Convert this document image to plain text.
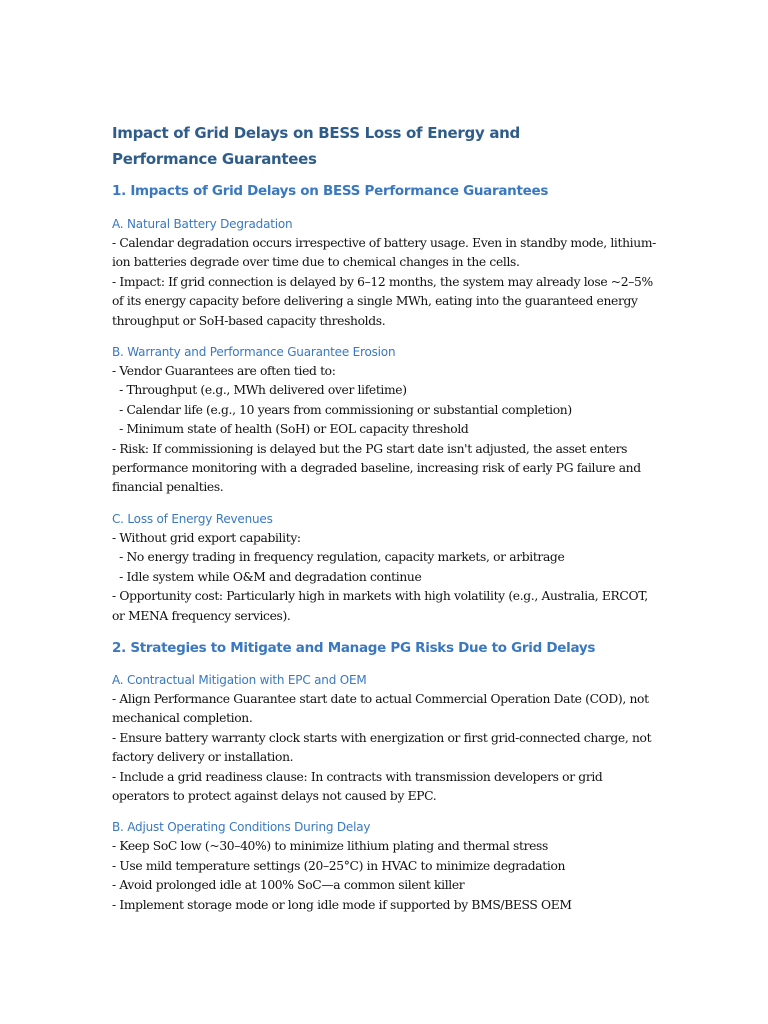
Impact of Grid Delays on BESS Loss of Energy and Performance Guarantees
1. Impacts of Grid Delays on BESS Performance Guarantees
A. Natural Battery Degradation

- Calendar degradation occurs irrespective of battery usage. Even in standby mode, lithium-ion batteries degrade over time due to chemical changes in the cells.

- Impact: If grid connection is delayed by 6–12 months, the system may already lose ~2–5% of its energy capacity before delivering a single MWh, eating into the guaranteed energy throughput or SoH-based capacity thresholds.

B. Warranty and Performance Guarantee Erosion

- Vendor Guarantees are often tied to:

- Throughput (e.g., MWh delivered over lifetime)

- Calendar life (e.g., 10 years from commissioning or substantial completion)

- Minimum state of health (SoH) or EOL capacity threshold

- Risk: If commissioning is delayed but the PG start date isn't adjusted, the asset enters performance monitoring with a degraded baseline, increasing risk of early PG failure and financial penalties.

C. Loss of Energy Revenues

- Without grid export capability:

- No energy trading in frequency regulation, capacity markets, or arbitrage

- Idle system while O&M and degradation continue

- Opportunity cost: Particularly high in markets with high volatility (e.g., Australia, ERCOT, or MENA frequency services).

2. Strategies to Mitigate and Manage PG Risks Due to Grid Delays
A. Contractual Mitigation with EPC and OEM

- Align Performance Guarantee start date to actual Commercial Operation Date (COD), not mechanical completion.

- Ensure battery warranty clock starts with energization or first grid-connected charge, not factory delivery or installation.

- Include a grid readiness clause: In contracts with transmission developers or grid operators to protect against delays not caused by EPC.

B. Adjust Operating Conditions During Delay

- Keep SoC low (~30–40%) to minimize lithium plating and thermal stress

- Use mild temperature settings (20–25°C) in HVAC to minimize degradation

- Avoid prolonged idle at 100% SoC—a common silent killer

- Implement storage mode or long idle mode if supported by BMS/BESS OEM
